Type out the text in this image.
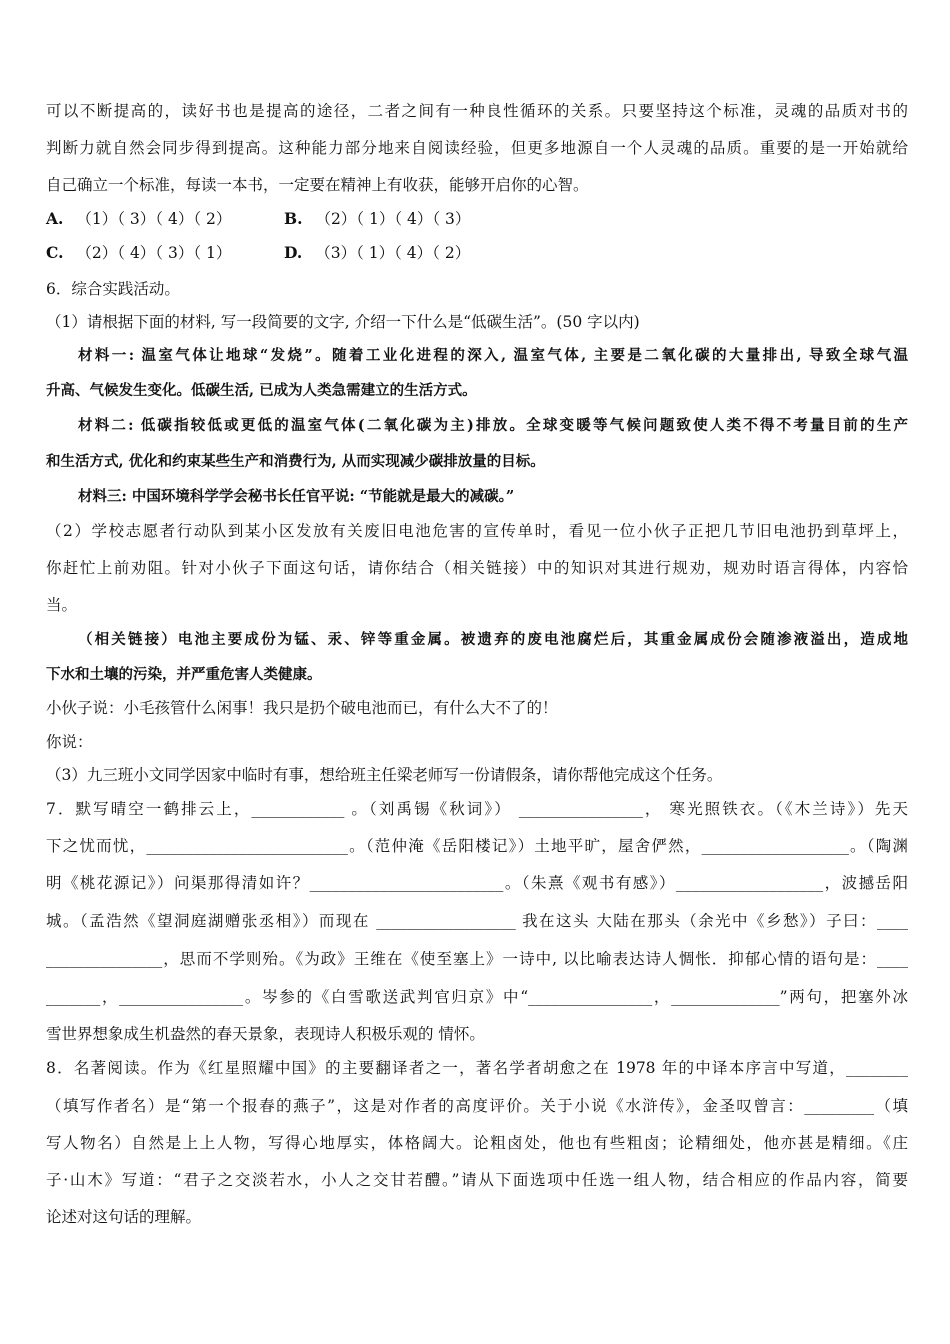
可以不断提高的，读好书也是提高的途径，二者之间有一种良性循环的关系。只要坚持这个标准，灵魂的品质对书的
判断力就自然会同步得到提高。这种能力部分地来自阅读经验，但更多地源自一个人灵魂的品质。重要的是一开始就给
自己确立一个标准，每读一本书，一定要在精神上有收获，能够开启你的心智。
A. （1）（ 3）（ 4）（ 2）	B. （2）（ 1）（ 4）（ 3）
C. （2）（ 4）（ 3）（ 1）	D. （3）（ 1）（ 4）（ 2）
6．综合实践活动。
（1）请根据下面的材料, 写一段简要的文字, 介绍一下什么是“低碳生活”。(50 字以内)
材料一: 温室气体让地球“发烧”。随着工业化进程的深入, 温室气体, 主要是二氧化碳的大量排出, 导致全球气温
升高、气候发生变化。低碳生活, 已成为人类急需建立的生活方式。
材料二: 低碳指较低或更低的温室气体(二氧化碳为主)排放。全球变暖等气候问题致使人类不得不考量目前的生产
和生活方式, 优化和约束某些生产和消费行为, 从而实现减少碳排放量的目标。
材料三: 中国环境科学学会秘书长任官平说: “节能就是最大的减碳。”
（2）学校志愿者行动队到某小区发放有关废旧电池危害的宣传单时，看见一位小伙子正把几节旧电池扔到草坪上，
你赶忙上前劝阻。针对小伙子下面这句话，请你结合（相关链接）中的知识对其进行规劝，规劝时语言得体，内容恰
当。
（相关链接）电池主要成份为锰、汞、锌等重金属。被遗弃的废电池腐烂后，其重金属成份会随渗液溢出，造成地
下水和土壤的污染，并严重危害人类健康。
小伙子说：小毛孩管什么闲事！我只是扔个破电池而已，有什么大不了的！
你说：
（3）九三班小文同学因家中临时有事，想给班主任梁老师写一份请假条，请你帮他完成这个任务。
7．默写晴空一鹤排云上，____________ 。（刘禹锡《秋词》） ________________， 寒光照铁衣。（《木兰诗》）先天
下之忧而忧，__________________________。（范仲淹《岳阳楼记》）土地平旷，屋舍俨然，___________________。（陶渊
明《桃花源记》）问渠那得清如许？_________________________。（朱熹《观书有感》）___________________，波撼岳阳
城。（孟浩然《望洞庭湖赠张丞相》）而现在 __________________ 我在这头 大陆在那头（余光中《乡愁》）子曰：____
_______________，思而不学则殆。《为政》王维在《使至塞上》一诗中, 以比喻表达诗人惆怅．抑郁心情的语句是：____
_______，________________。岑参的《白雪歌送武判官归京》中“________________，______________”两句，把塞外冰
雪世界想象成生机盎然的春天景象，表现诗人积极乐观的 情怀。
8．名著阅读。作为《红星照耀中国》的主要翻译者之一，著名学者胡愈之在 1978 年的中译本序言中写道，________
（填写作者名）是“第一个报春的燕子”，这是对作者的高度评价。关于小说《水浒传》，金圣叹曾言：_________（填
写人物名）自然是上上人物，写得心地厚实，体格阔大。论粗卤处，他也有些粗卤；论精细处，他亦甚是精细。《庄
子·山木》写道：“君子之交淡若水，小人之交甘若醴。”请从下面选项中任选一组人物，结合相应的作品内容，简要
论述对这句话的理解。
